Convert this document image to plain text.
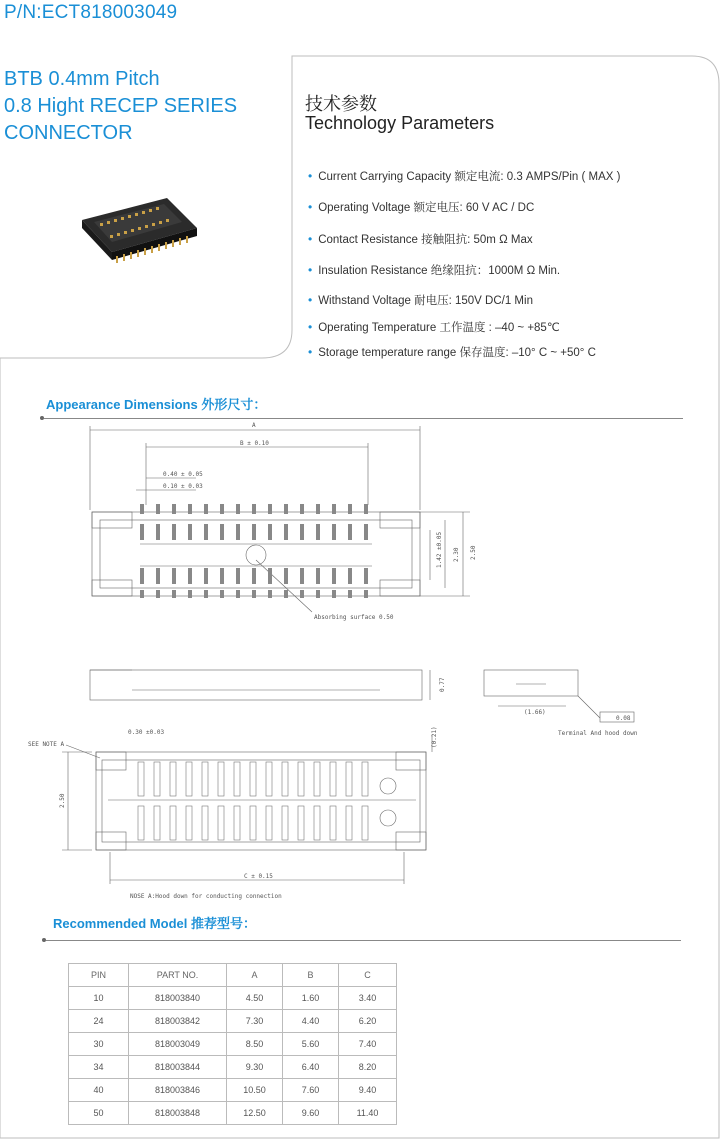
P/N:ECT818003049
BTB 0.4mm Pitch
0.8 Hight RECEP SERIES
CONNECTOR
技术参数
Technology Parameters
• Current Carrying Capacity 额定电流: 0.3 AMPS/Pin ( MAX )
• Operating Voltage 额定电压: 60 V AC / DC
• Contact Resistance 接触阻抗: 50m Ω Max
• Insulation Resistance 绝缘阻抗：1000M Ω Min.
• Withstand Voltage 耐电压: 150V DC/1 Min
• Operating Temperature 工作温度 : –40 ~ +85℃
• Storage temperature range 保存温度: –10° C ~ +50° C
Appearance Dimensions 外形尺寸：
A
B ± 0.10
0.40 ± 0.05
0.10 ± 0.03
1.42 ±0.05 2.30 2.50
Absorbing surface 0.50
0.77
(1.66)
0.08
Terminal And hood down
SEE NOTE A
0.30 ±0.03	(0.21)
2.50
C ± 0.15
NOSE A:Hood down for conducting connection
Recommended Model 推荐型号：
PIN	PART NO.	A	B	C
10	818003840	4.50	1.60	3.40
24	818003842	7.30	4.40	6.20
30	818003049	8.50	5.60	7.40
34	818003844	9.30	6.40	8.20
40	818003846	10.50	7.60	9.40
50	818003848	12.50	9.60	11.40
